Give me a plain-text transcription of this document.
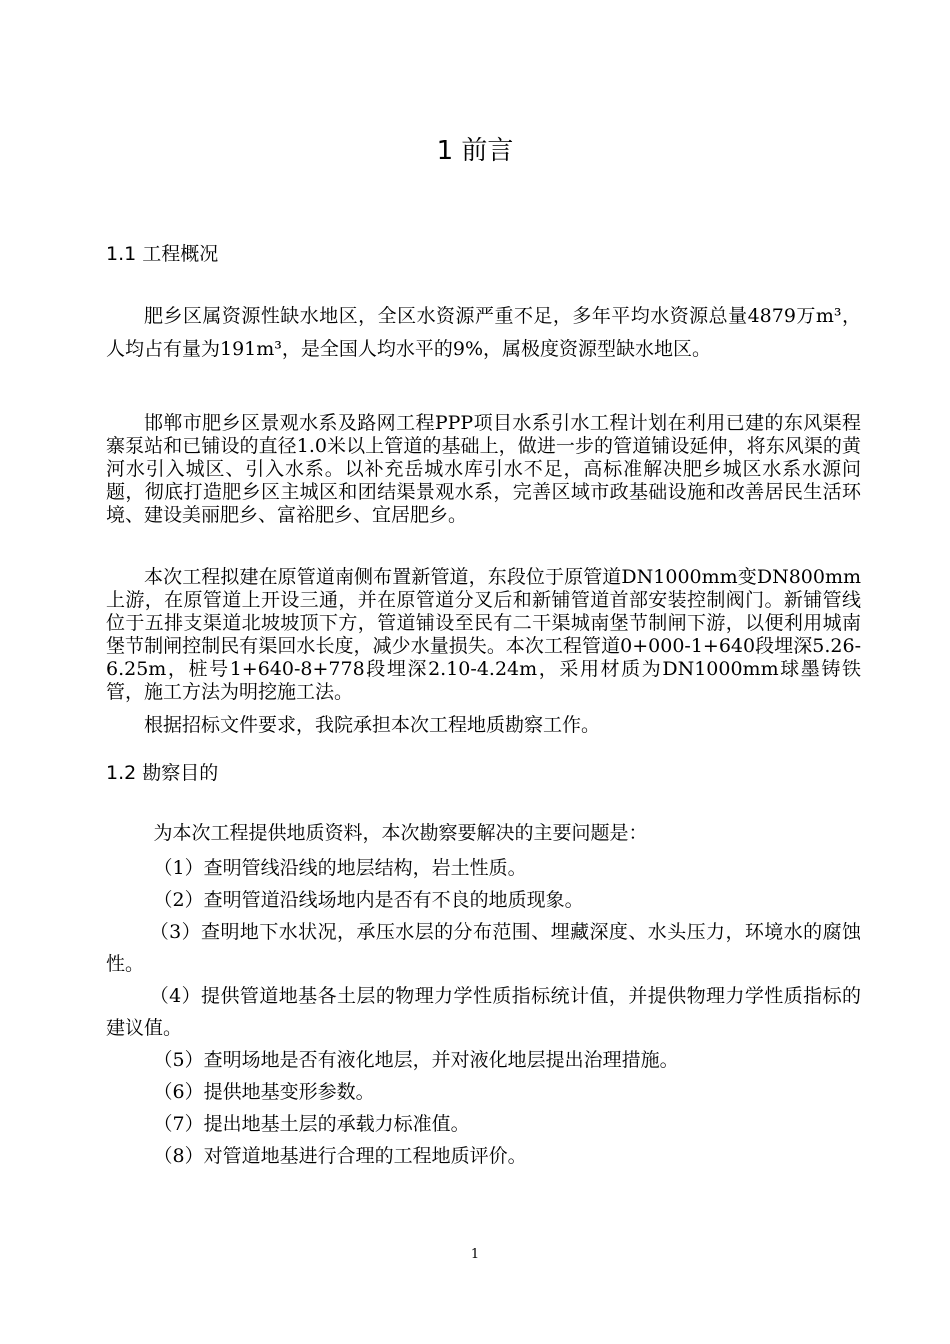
1 前言
1.1 工程概况

肥乡区属资源性缺水地区，全区水资源严重不足，多年平均水资源总量4879万m³，人均占有量为191m³，是全国人均水平的9%，属极度资源型缺水地区。

邯郸市肥乡区景观水系及路网工程PPP项目水系引水工程计划在利用已建的东风渠程寨泵站和已铺设的直径1.0米以上管道的基础上，做进一步的管道铺设延伸，将东风渠的黄河水引入城区、引入水系。以补充岳城水库引水不足，高标准解决肥乡城区水系水源问题，彻底打造肥乡区主城区和团结渠景观水系，完善区域市政基础设施和改善居民生活环境、建设美丽肥乡、富裕肥乡、宜居肥乡。

本次工程拟建在原管道南侧布置新管道，东段位于原管道DN1000mm变DN800mm上游，在原管道上开设三通，并在原管道分叉后和新铺管道首部安装控制阀门。新铺管线位于五排支渠道北坡坡顶下方，管道铺设至民有二干渠城南堡节制闸下游，以便利用城南堡节制闸控制民有渠回水长度，减少水量损失。本次工程管道0+000-1+640段埋深5.26-6.25m，桩号1+640-8+778段埋深2.10-4.24m，采用材质为DN1000mm球墨铸铁管，施工方法为明挖施工法。

根据招标文件要求，我院承担本次工程地质勘察工作。

1.2 勘察目的

为本次工程提供地质资料，本次勘察要解决的主要问题是：

（1）查明管线沿线的地层结构，岩土性质。
（2）查明管道沿线场地内是否有不良的地质现象。
（3）查明地下水状况，承压水层的分布范围、埋藏深度、水头压力，环境水的腐蚀性。
（4）提供管道地基各土层的物理力学性质指标统计值，并提供物理力学性质指标的建议值。
（5）查明场地是否有液化地层，并对液化地层提出治理措施。
（6）提供地基变形参数。
（7）提出地基土层的承载力标准值。
（8）对管道地基进行合理的工程地质评价。
1
